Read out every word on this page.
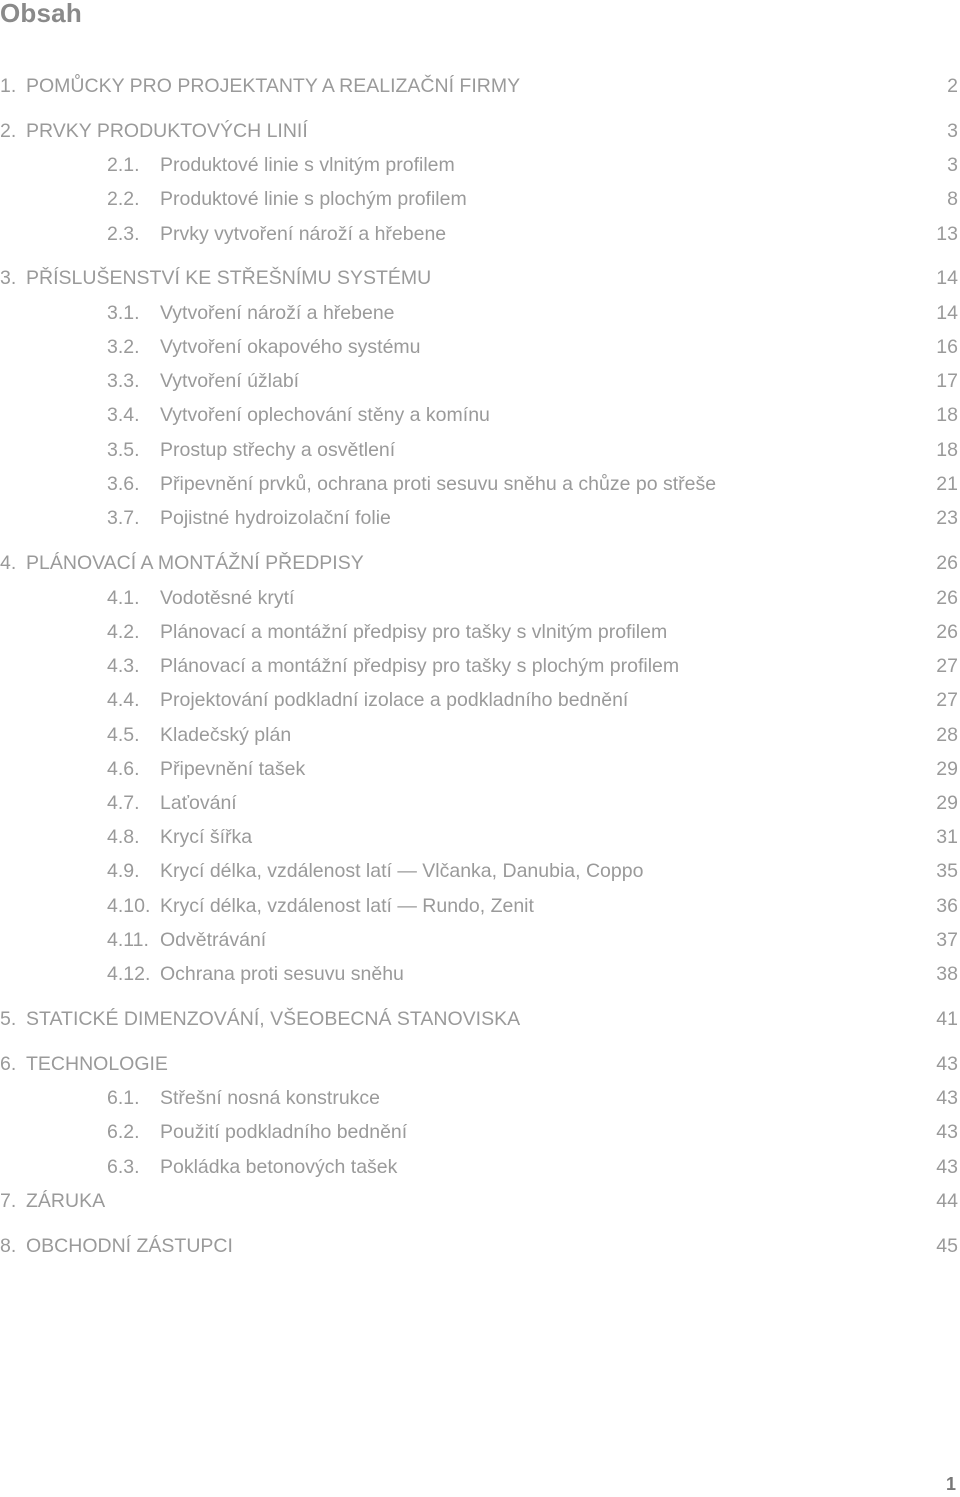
Obsah
1. POMŮCKY PRO PROJEKTANTY A REALIZAČNÍ FIRMY	2
2. PRVKY PRODUKTOVÝCH LINIÍ	3
2.1. Produktové linie s vlnitým profilem	3
2.2. Produktové linie s plochým profilem	8
2.3. Prvky vytvoření nároží a hřebene	13
3. PŘÍSLUŠENSTVÍ KE STŘEŠNÍMU SYSTÉMU	14
3.1. Vytvoření nároží a hřebene	14
3.2. Vytvoření okapového systému	16
3.3. Vytvoření úžlabí	17
3.4. Vytvoření oplechování stěny a komínu	18
3.5. Prostup střechy a osvětlení	18
3.6. Připevnění prvků, ochrana proti sesuvu sněhu a chůze po střeše	21
3.7. Pojistné hydroizolační folie	23
4. PLÁNOVACÍ A MONTÁŽNÍ PŘEDPISY	26
4.1. Vodotěsné krytí	26
4.2. Plánovací a montážní předpisy pro tašky s vlnitým profilem	26
4.3. Plánovací a montážní předpisy pro tašky s plochým profilem	27
4.4. Projektování podkladní izolace a podkladního bednění	27
4.5. Kladečský plán	28
4.6. Připevnění tašek	29
4.7. Laťování	29
4.8. Krycí šířka	31
4.9. Krycí délka, vzdálenost latí — Vlčanka, Danubia, Coppo	35
4.10. Krycí délka, vzdálenost latí — Rundo, Zenit	36
4.11. Odvětrávání	37
4.12. Ochrana proti sesuvu sněhu	38
5. STATICKÉ DIMENZOVÁNÍ, VŠEOBECNÁ STANOVISKA	41
6. TECHNOLOGIE	43
6.1. Střešní nosná konstrukce	43
6.2. Použití podkladního bednění	43
6.3. Pokládka betonových tašek	43
7. ZÁRUKA	44
8. OBCHODNÍ ZÁSTUPCI	45
1
